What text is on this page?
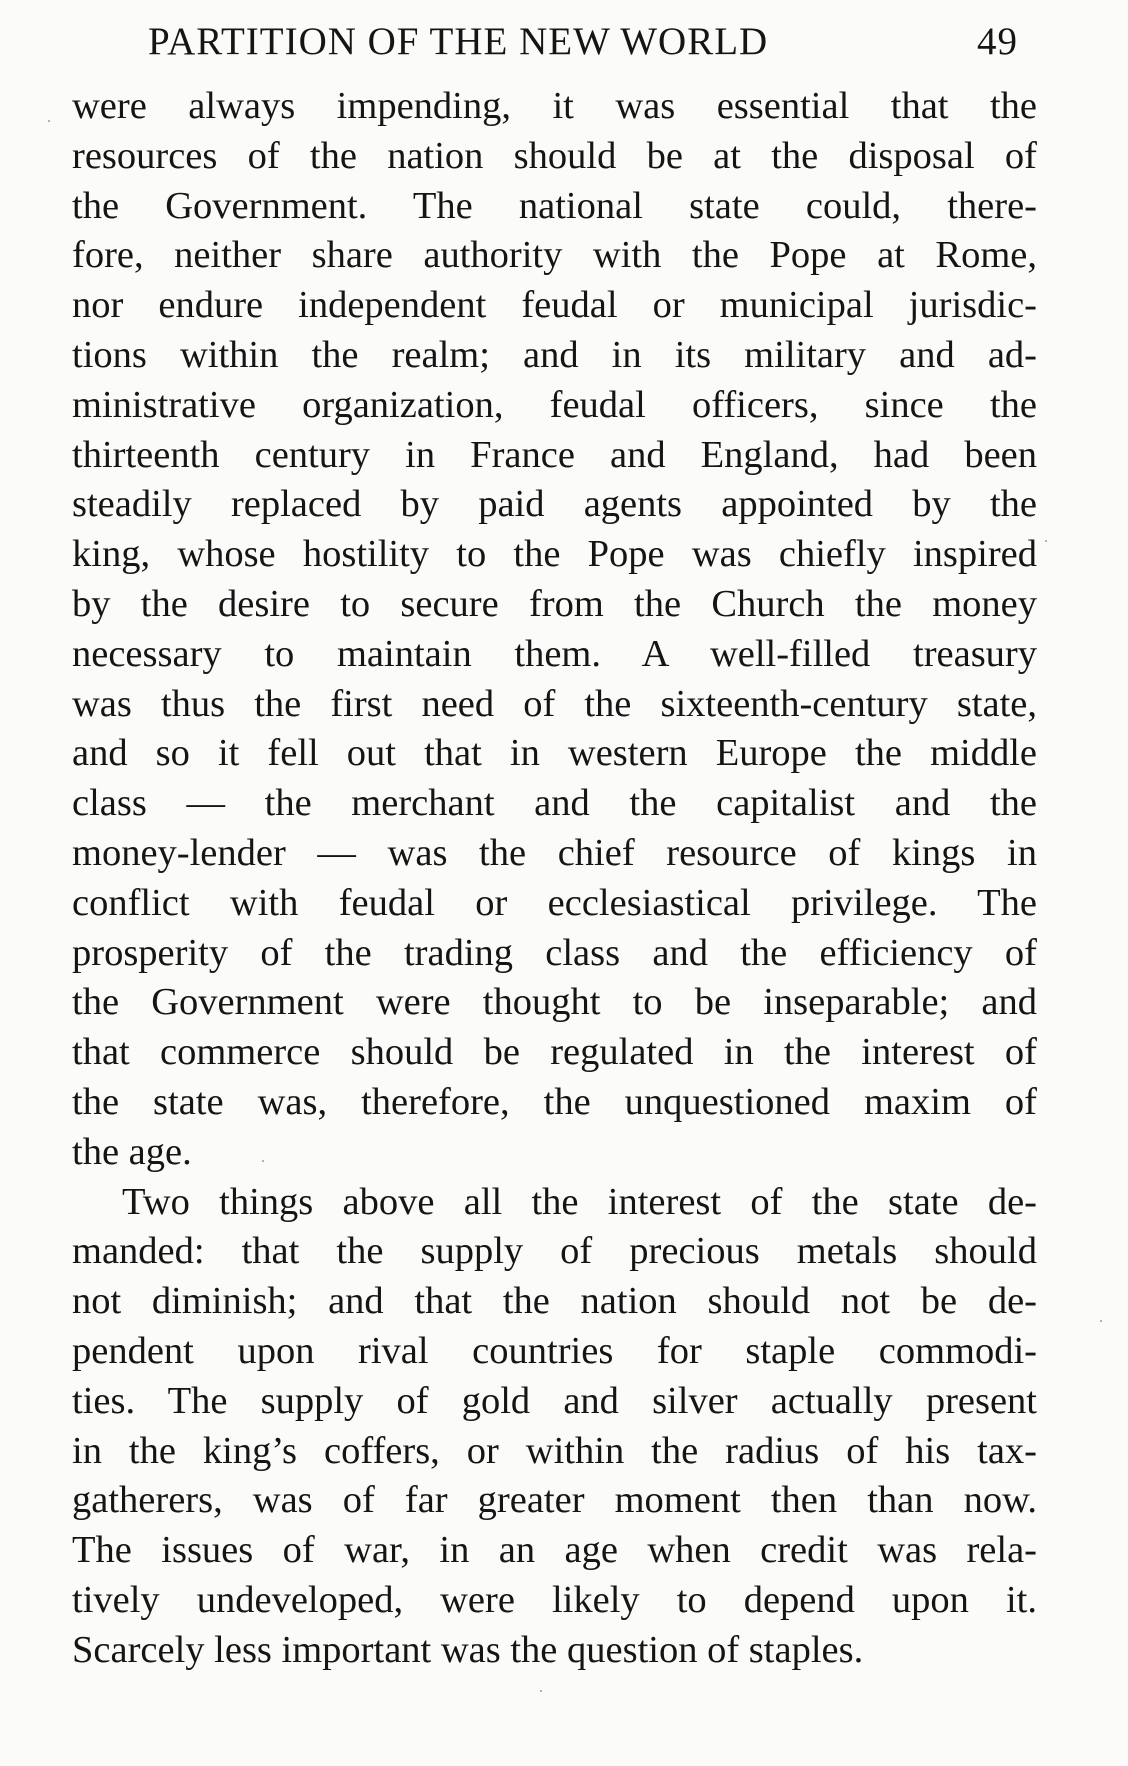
PARTITION OF THE NEW WORLD	49
were always impending, it was essential that the
resources of the nation should be at the disposal of
the Government. The national state could, there-
fore, neither share authority with the Pope at Rome,
nor endure independent feudal or municipal jurisdic-
tions within the realm; and in its military and ad-
ministrative organization, feudal officers, since the
thirteenth century in France and England, had been
steadily replaced by paid agents appointed by the
king, whose hostility to the Pope was chiefly inspired
by the desire to secure from the Church the money
necessary to maintain them. A well-filled treasury
was thus the first need of the sixteenth-century state,
and so it fell out that in western Europe the middle
class — the merchant and the capitalist and the
money-lender — was the chief resource of kings in
conflict with feudal or ecclesiastical privilege. The
prosperity of the trading class and the efficiency of
the Government were thought to be inseparable; and
that commerce should be regulated in the interest of
the state was, therefore, the unquestioned maxim of
the age.
Two things above all the interest of the state de-
manded: that the supply of precious metals should
not diminish; and that the nation should not be de-
pendent upon rival countries for staple commodi-
ties. The supply of gold and silver actually present
in the king’s coffers, or within the radius of his tax-
gatherers, was of far greater moment then than now.
The issues of war, in an age when credit was rela-
tively undeveloped, were likely to depend upon it.
Scarcely less important was the question of staples.
